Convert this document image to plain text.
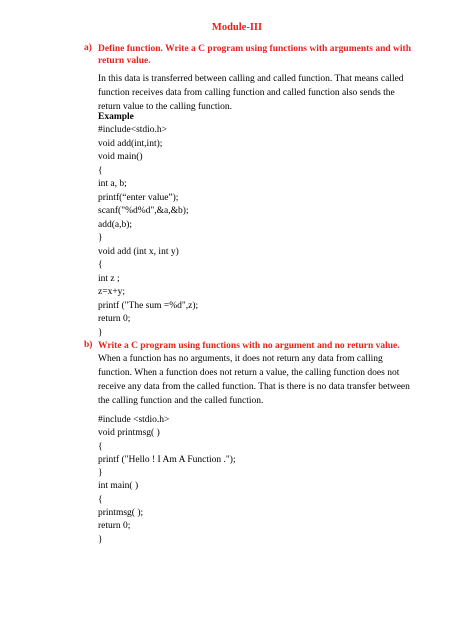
Module-III
a) Define function. Write a C program using functions with arguments and with return value.
In this data is transferred between calling and called function. That means called function receives data from calling function and called function also sends the return value to the calling function.
Example
#include<stdio.h>
void add(int,int);
void main()
{
int a, b;
printf(“enter value”);
scanf("%d%d",&a,&b);
add(a,b);
}
void add (int x, int y)
{
int z ;
z=x+y;
printf ("The sum =%d",z);
return 0;
}
b) Write a C program using functions with no argument and no return value.
When a function has no arguments, it does not return any data from calling function. When a function does not return a value, the calling function does not receive any data from the called function. That is there is no data transfer between the calling function and the called function.
#include <stdio.h>
void printmsg( )
{
printf ("Hello ! I Am A Function .");
}
int main( )
{
printmsg( );
return 0;
}
